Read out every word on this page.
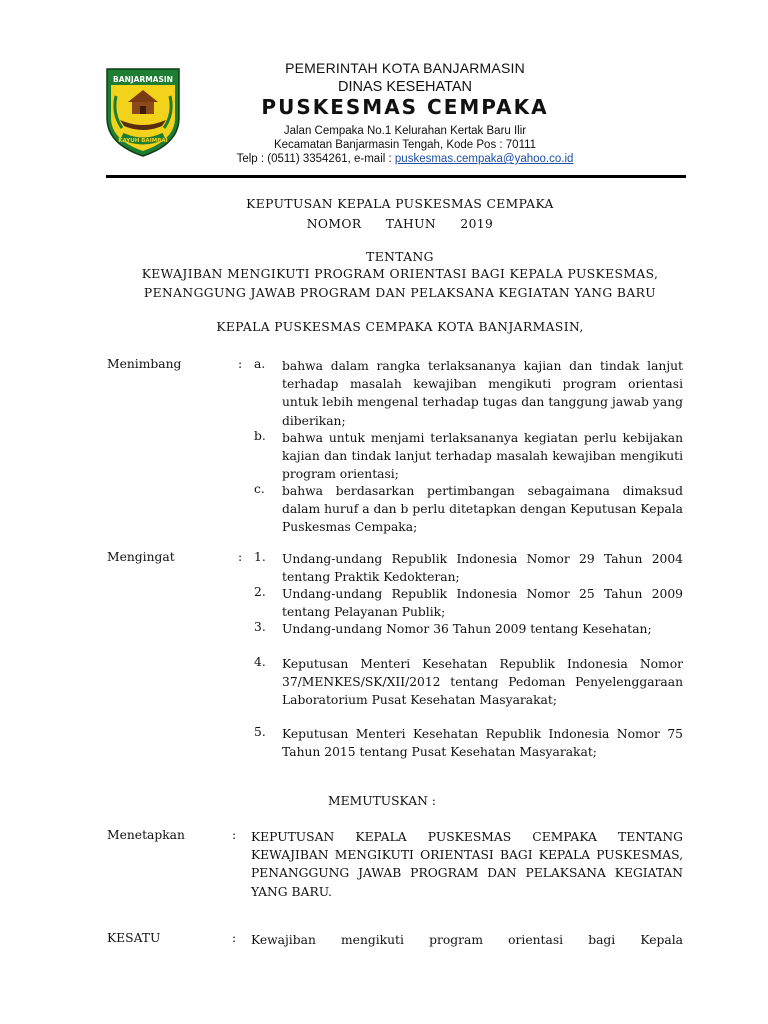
BANJARMASIN
KAYUH BAIMBAI
PEMERINTAH KOTA BANJARMASIN
DINAS KESEHATAN
PUSKESMAS CEMPAKA
Jalan Cempaka No.1 Kelurahan Kertak Baru Ilir
Kecamatan Banjarmasin Tengah, Kode Pos : 70111
Telp : (0511) 3354261, e-mail : puskesmas.cempaka@yahoo.co.id
KEPUTUSAN KEPALA PUSKESMAS CEMPAKA
NOMOR TAHUN 2019
TENTANG
KEWAJIBAN MENGIKUTI PROGRAM ORIENTASI BAGI KEPALA PUSKESMAS,
PENANGGUNG JAWAB PROGRAM DAN PELAKSANA KEGIATAN YANG BARU
KEPALA PUSKESMAS CEMPAKA KOTA BANJARMASIN,
Menimbang	: a. bahwa dalam rangka terlaksananya kajian dan tindak lanjut terhadap masalah kewajiban mengikuti program orientasi untuk lebih mengenal terhadap tugas dan tanggung jawab yang diberikan;
b. bahwa untuk menjami terlaksananya kegiatan perlu kebijakan kajian dan tindak lanjut terhadap masalah kewajiban mengikuti program orientasi;
c. bahwa berdasarkan pertimbangan sebagaimana dimaksud dalam huruf a dan b perlu ditetapkan dengan Keputusan Kepala Puskesmas Cempaka;
Mengingat	: 1. Undang-undang Republik Indonesia Nomor 29 Tahun 2004 tentang Praktik Kedokteran;
2. Undang-undang Republik Indonesia Nomor 25 Tahun 2009 tentang Pelayanan Publik;
3. Undang-undang Nomor 36 Tahun 2009 tentang Kesehatan;
4. Keputusan Menteri Kesehatan Republik Indonesia Nomor 37/MENKES/SK/XII/2012 tentang Pedoman Penyelenggaraan Laboratorium Pusat Kesehatan Masyarakat;
5. Keputusan Menteri Kesehatan Republik Indonesia Nomor 75 Tahun 2015 tentang Pusat Kesehatan Masyarakat;
MEMUTUSKAN :
Menetapkan	: KEPUTUSAN KEPALA PUSKESMAS CEMPAKA TENTANG KEWAJIBAN MENGIKUTI ORIENTASI BAGI KEPALA PUSKESMAS, PENANGGUNG JAWAB PROGRAM DAN PELAKSANA KEGIATAN YANG BARU.
KESATU	: Kewajiban mengikuti program orientasi bagi Kepala
